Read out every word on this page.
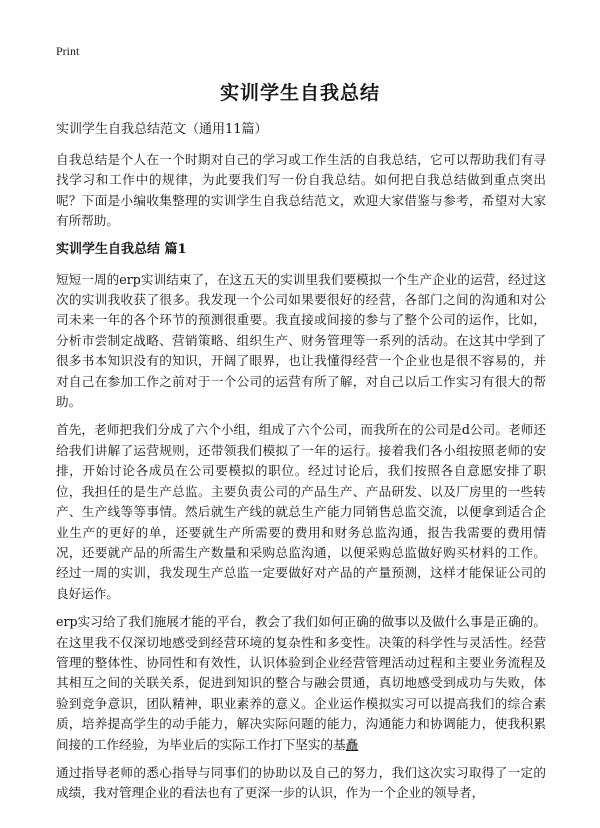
Print
实训学生自我总结

实训学生自我总结范文（通用11篇）

自我总结是个人在一个时期对自己的学习或工作生活的自我总结，它可以帮助我们有寻找学习和工作中的规律，为此要我们写一份自我总结。如何把自我总结做到重点突出呢？下面是小编收集整理的实训学生自我总结范文，欢迎大家借鉴与参考，希望对大家有所帮助。

实训学生自我总结 篇1

短短一周的erp实训结束了，在这五天的实训里我们要模拟一个生产企业的运营，经过这次的实训我收获了很多。我发现一个公司如果要很好的经营，各部门之间的沟通和对公司未来一年的各个环节的预测很重要。我直接或间接的参与了整个公司的运作，比如，分析市尝制定战略、营销策略、组织生产、财务管理等一系列的活动。在这其中学到了很多书本知识没有的知识，开阔了眼界，也让我懂得经营一个企业也是很不容易的，并对自己在参加工作之前对于一个公司的运营有所了解，对自己以后工作实习有很大的帮助。

首先，老师把我们分成了六个小组，组成了六个公司，而我所在的公司是d公司。老师还给我们讲解了运营规则，还带领我们模拟了一年的运行。接着我们各小组按照老师的安排，开始讨论各成员在公司要模拟的职位。经过讨论后，我们按照各自意愿安排了职位，我担任的是生产总监。主要负责公司的产品生产、产品研发、以及厂房里的一些转产、生产线等等事情。然后就生产线的就总生产能力同销售总监交流，以便拿到适合企业生产的更好的单，还要就生产所需要的费用和财务总监沟通，报告我需要的费用情况，还要就产品的所需生产数量和采购总监沟通，以便采购总监做好购买材料的工作。经过一周的实训，我发现生产总监一定要做好对产品的产量预测，这样才能保证公司的良好运作。

erp实习给了我们施展才能的平台，教会了我们如何正确的做事以及做什么事是正确的。在这里我不仅深切地感受到经营环境的复杂性和多变性。决策的科学性与灵活性。经营管理的整体性、协同性和有效性，认识体验到企业经营管理活动过程和主要业务流程及其相互之间的关联关系，促进到知识的整合与融会贯通，真切地感受到成功与失败，体验到竞争意识，团队精神，职业素养的意义。企业运作模拟实习可以提高我们的综合素质，培养提高学生的动手能力，解决实际问题的能力，沟通能力和协调能力，使我积累间接的工作经验，为毕业后的实际工作打下坚实的基矗

通过指导老师的悉心指导与同事们的协助以及自己的努力，我们这次实习取得了一定的成绩，我对管理企业的看法也有了更深一步的认识，作为一个企业的领导者，
